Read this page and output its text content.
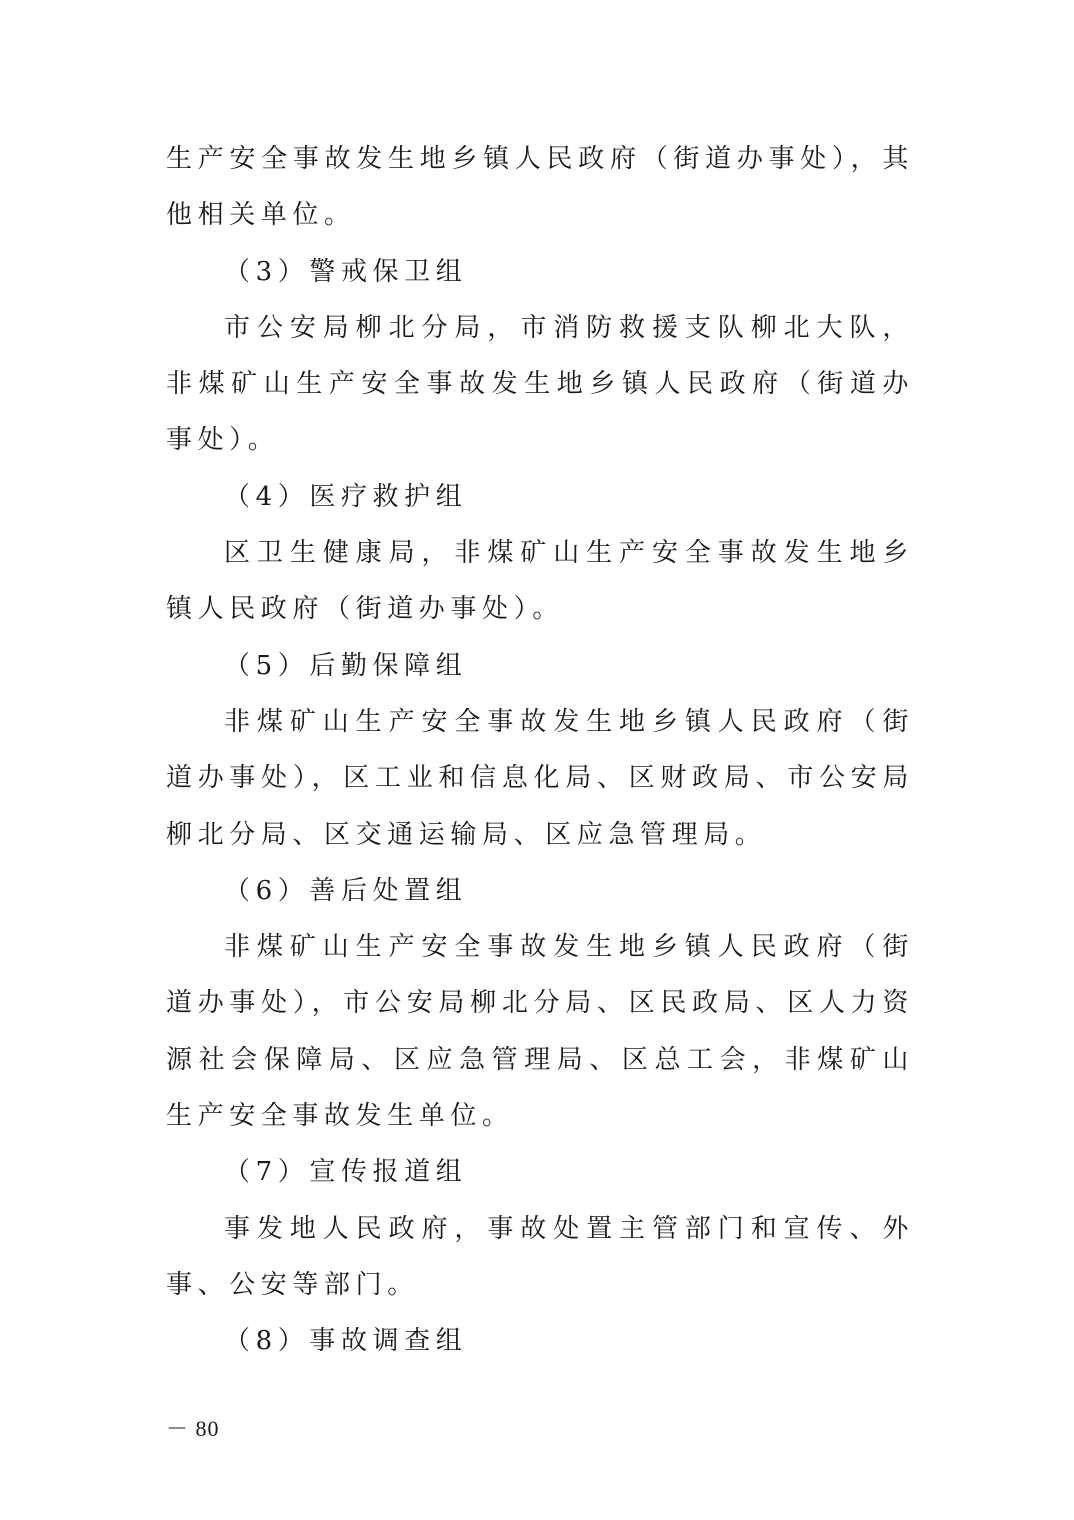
生产安全事故发生地乡镇人民政府（街道办事处），其他相关单位。

（3）警戒保卫组

市公安局柳北分局，市消防救援支队柳北大队，非煤矿山生产安全事故发生地乡镇人民政府（街道办事处）。

（4）医疗救护组

区卫生健康局，非煤矿山生产安全事故发生地乡镇人民政府（街道办事处）。

（5）后勤保障组

非煤矿山生产安全事故发生地乡镇人民政府（街道办事处），区工业和信息化局、区财政局、市公安局柳北分局、区交通运输局、区应急管理局。

（6）善后处置组

非煤矿山生产安全事故发生地乡镇人民政府（街道办事处），市公安局柳北分局、区民政局、区人力资源社会保障局、区应急管理局、区总工会，非煤矿山生产安全事故发生单位。

（7）宣传报道组

事发地人民政府，事故处置主管部门和宣传、外事、公安等部门。

（8）事故调查组

－ 80
